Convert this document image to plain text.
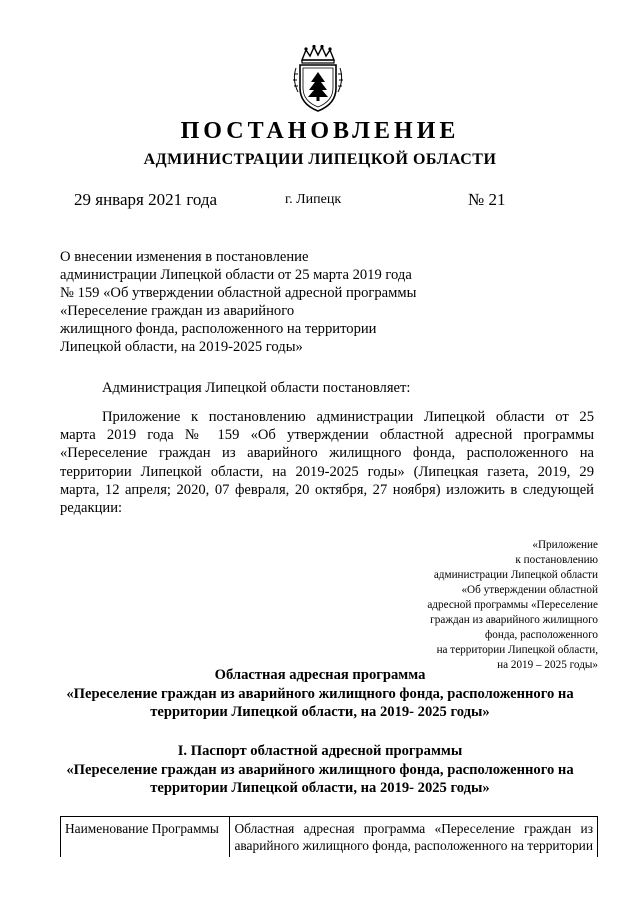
ПОСТАНОВЛЕНИЕ
АДМИНИСТРАЦИИ ЛИПЕЦКОЙ ОБЛАСТИ
29 января 2021 года	г. Липецк	№ 21
О внесении изменения в постановление
администрации Липецкой области от 25 марта 2019 года
№ 159 «Об утверждении областной адресной программы
«Переселение граждан из аварийного
жилищного фонда, расположенного на территории
Липецкой области, на 2019-2025 годы»
Администрация Липецкой области постановляет:
Приложение к постановлению администрации Липецкой области от 25
марта 2019 года № 159 «Об утверждении областной адресной программы
«Переселение граждан из аварийного жилищного фонда, расположенного на
территории Липецкой области, на 2019-2025 годы» (Липецкая газета, 2019, 29
марта, 12 апреля; 2020, 07 февраля, 20 октября, 27 ноября) изложить в следующей
редакции:
«Приложение
к постановлению
администрации Липецкой области
«Об утверждении областной
адресной программы «Переселение
граждан из аварийного жилищного
фонда, расположенного
на территории Липецкой области,
на 2019 – 2025 годы»
Областная адресная программа
«Переселение граждан из аварийного жилищного фонда, расположенного на
территории Липецкой области, на 2019- 2025 годы»
I. Паспорт областной адресной программы
«Переселение граждан из аварийного жилищного фонда, расположенного на
территории Липецкой области, на 2019- 2025 годы»
Наименование Программы	Областная адресная программа «Переселение граждан из
аварийного жилищного фонда, расположенного на территории
